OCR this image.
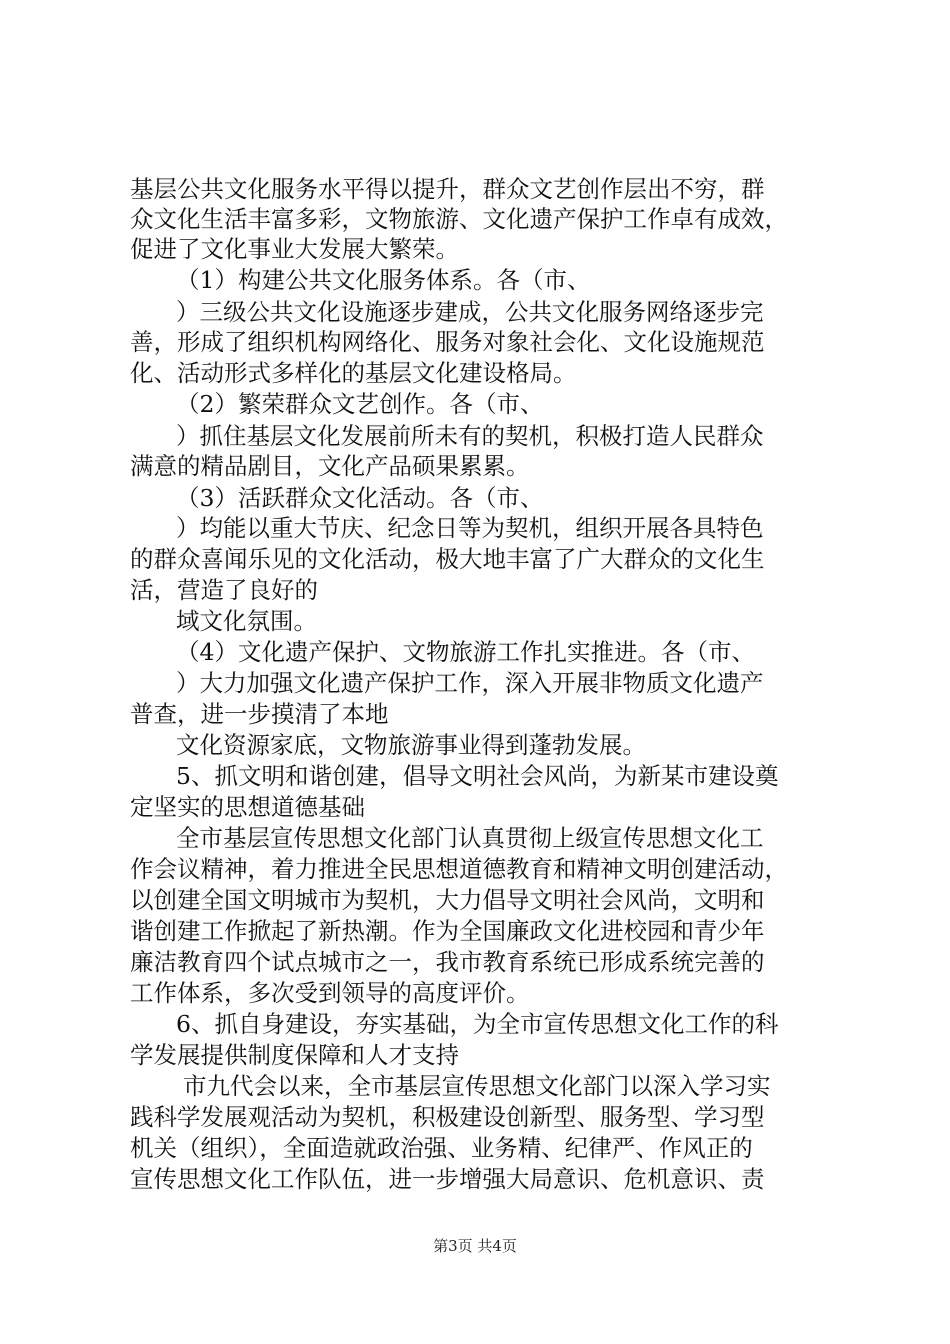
基层公共文化服务水平得以提升，群众文艺创作层出不穷，群
众文化生活丰富多彩，文物旅游、文化遗产保护工作卓有成效，
促进了文化事业大发展大繁荣。
（1）构建公共文化服务体系。各（市、
）三级公共文化设施逐步建成，公共文化服务网络逐步完
善，形成了组织机构网络化、服务对象社会化、文化设施规范
化、活动形式多样化的基层文化建设格局。
（2）繁荣群众文艺创作。各（市、
）抓住基层文化发展前所未有的契机，积极打造人民群众
满意的精品剧目，文化产品硕果累累。
（3）活跃群众文化活动。各（市、
）均能以重大节庆、纪念日等为契机，组织开展各具特色
的群众喜闻乐见的文化活动，极大地丰富了广大群众的文化生
活，营造了良好的
域文化氛围。
（4）文化遗产保护、文物旅游工作扎实推进。各（市、
）大力加强文化遗产保护工作，深入开展非物质文化遗产
普查，进一步摸清了本地
文化资源家底，文物旅游事业得到蓬勃发展。
5、抓文明和谐创建，倡导文明社会风尚，为新某市建设奠
定坚实的思想道德基础
全市基层宣传思想文化部门认真贯彻上级宣传思想文化工
作会议精神，着力推进全民思想道德教育和精神文明创建活动，
以创建全国文明城市为契机，大力倡导文明社会风尚，文明和
谐创建工作掀起了新热潮。作为全国廉政文化进校园和青少年
廉洁教育四个试点城市之一，我市教育系统已形成系统完善的
工作体系，多次受到领导的高度评价。
6、抓自身建设，夯实基础，为全市宣传思想文化工作的科
学发展提供制度保障和人才支持
市九代会以来，全市基层宣传思想文化部门以深入学习实
践科学发展观活动为契机，积极建设创新型、服务型、学习型
机关（组织），全面造就政治强、业务精、纪律严、作风正的
宣传思想文化工作队伍，进一步增强大局意识、危机意识、责
第3页 共4页
